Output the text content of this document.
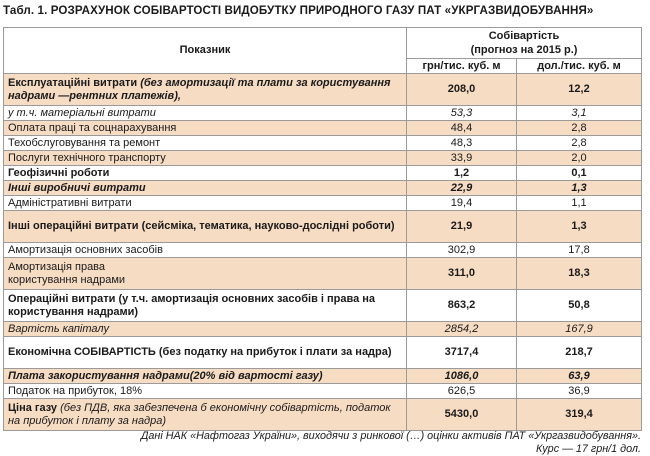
Табл. 1. РОЗРАХУНОК СОБІВАРТОСТІ ВИДОБУТКУ ПРИРОДНОГО ГАЗУ ПАТ «УКРГАЗВИДОБУВАННЯ»
Показник	Собівартість
(прогноз на 2015 р.)	

	грн/тис. куб. м	дол./тис. куб. м
Експлуатаційні витрати (без амортизації та плати за користування надрами —рентних платежів),	208,0	12,2
у т.ч. матеріальні витрати	53,3	3,1
Оплата праці та соцнарахування	48,4	2,8
Техобслуговування та ремонт	48,3	2,8
Послуги технічного транспорту	33,9	2,0
Геофізичні роботи	1,2	0,1
Інші виробничі витрати	22,9	1,3
Адміністративні витрати	19,4	1,1
Інші операційні витрати (сейсміка, тематика, науково-дослідні роботи)	21,9	1,3
Амортизація основних засобів	302,9	17,8
Амортизація права користування надрами	311,0	18,3
Операційні витрати (у т.ч. амортизація основних засобів і права на користування надрами)	863,2	50,8
Вартість капіталу	2854,2	167,9
Економічна СОБІВАРТІСТЬ (без податку на прибуток і плати за надра)	3717,4	218,7
Плата закористування надрами(20% від вартості газу)	1086,0	63,9
Податок на прибуток, 18%	626,5	36,9
Ціна газу (без ПДВ, яка забезпечена б економічну собівартість, податок на прибуток і плату за надра)	5430,0	319,4
Дані НАК «Нафтогаз України», виходячи з ринкової (…) оцінки активів ПАТ «Укргазвидобування».
Курс — 17 грн/1 дол.
